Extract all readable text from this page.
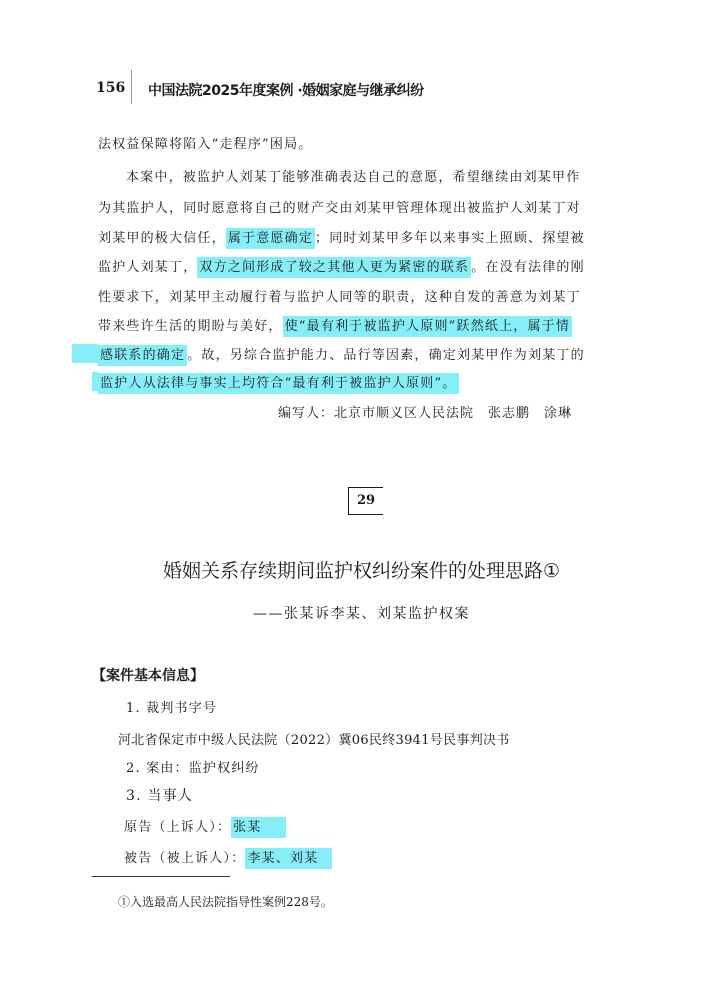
156 中国法院2025年度案例 ·婚姻家庭与继承纠纷
法权益保障将陷入“走程序”困局。
本案中，被监护人刘某丁能够准确表达自己的意愿，希望继续由刘某甲作
为其监护人，同时愿意将自己的财产交由刘某甲管理体现出被监护人刘某丁对
刘某甲的极大信任， 属于意愿确定 ；同时刘某甲多年以来事实上照顾、探望被
监护人刘某丁， 双方之间形成了较之其他人更为紧密的联系 。在没有法律的刚
性要求下，刘某甲主动履行着与监护人同等的职责，这种自发的善意为刘某丁
带来些许生活的期盼与美好， 使“最有利于被监护人原则”跃然纸上，属于情
感联系的确定 。故，另综合监护能力、品行等因素，确定刘某甲作为刘某丁的
监护人从法律与事实上均符合“最有利于被监护人原则”。
编写人：北京市顺义区人民法院　张志鹏　涂琳
29
婚姻关系存续期间监护权纠纷案件的处理思路①
——张某诉李某、刘某监护权案
【案件基本信息】
1. 裁判书字号
河北省保定市中级人民法院（2022）冀06民终3941号民事判决书
2. 案由：监护权纠纷
3. 当事人
原告（上诉人）： 张某
被告（被上诉人）： 李某、刘某
①入选最高人民法院指导性案例228号。
